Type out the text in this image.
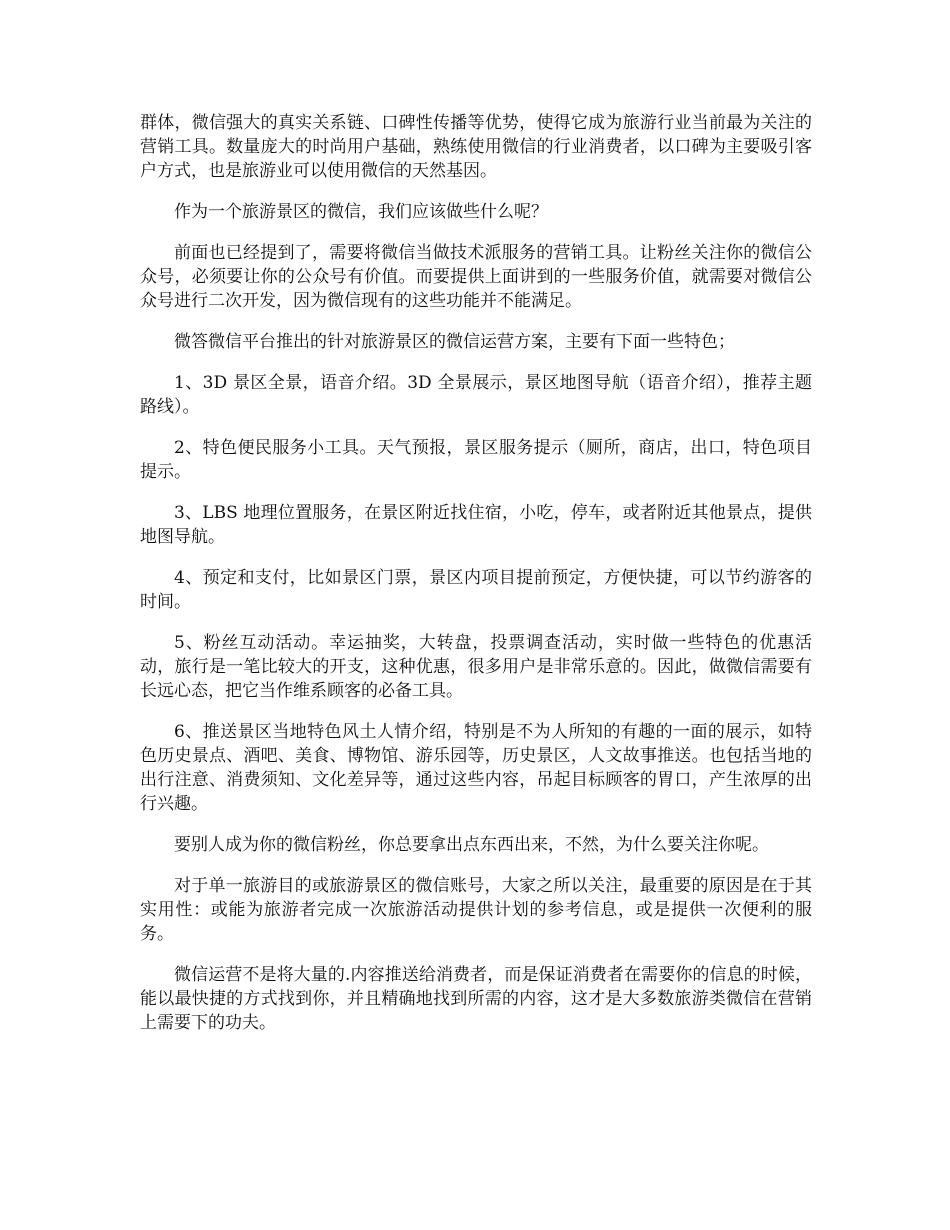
群体，微信强大的真实关系链、口碑性传播等优势，使得它成为旅游行业当前最为关注的营销工具。数量庞大的时尚用户基础，熟练使用微信的行业消费者，以口碑为主要吸引客户方式，也是旅游业可以使用微信的天然基因。

作为一个旅游景区的微信，我们应该做些什么呢？

前面也已经提到了，需要将微信当做技术派服务的营销工具。让粉丝关注你的微信公众号，必须要让你的公众号有价值。而要提供上面讲到的一些服务价值，就需要对微信公众号进行二次开发，因为微信现有的这些功能并不能满足。

微答微信平台推出的针对旅游景区的微信运营方案，主要有下面一些特色；

1、3D 景区全景，语音介绍。3D 全景展示，景区地图导航（语音介绍），推荐主题路线）。

2、特色便民服务小工具。天气预报，景区服务提示（厕所，商店，出口，特色项目提示。

3、LBS 地理位置服务，在景区附近找住宿，小吃，停车，或者附近其他景点，提供地图导航。

4、预定和支付，比如景区门票，景区内项目提前预定，方便快捷，可以节约游客的时间。

5、粉丝互动活动。幸运抽奖，大转盘，投票调查活动，实时做一些特色的优惠活动，旅行是一笔比较大的开支，这种优惠，很多用户是非常乐意的。因此，做微信需要有长远心态，把它当作维系顾客的必备工具。

6、推送景区当地特色风土人情介绍，特别是不为人所知的有趣的一面的展示，如特色历史景点、酒吧、美食、博物馆、游乐园等，历史景区，人文故事推送。也包括当地的出行注意、消费须知、文化差异等，通过这些内容，吊起目标顾客的胃口，产生浓厚的出行兴趣。

要别人成为你的微信粉丝，你总要拿出点东西出来，不然，为什么要关注你呢。

对于单一旅游目的或旅游景区的微信账号，大家之所以关注，最重要的原因是在于其实用性：或能为旅游者完成一次旅游活动提供计划的参考信息，或是提供一次便利的服务。

微信运营不是将大量的.内容推送给消费者，而是保证消费者在需要你的信息的时候，能以最快捷的方式找到你，并且精确地找到所需的内容，这才是大多数旅游类微信在营销上需要下的功夫。
